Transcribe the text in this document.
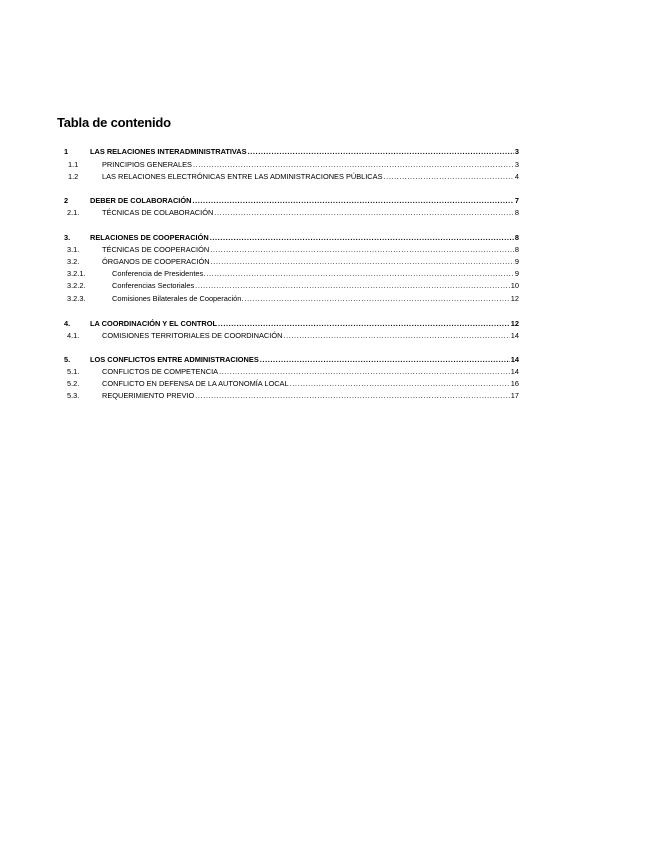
Tabla de contenido
1	LAS RELACIONES INTERADMINISTRATIVAS .....	3
1.1	PRINCIPIOS GENERALES .....	3
1.2	LAS RELACIONES ELECTRÓNICAS ENTRE LAS ADMINISTRACIONES PÚBLICAS .....	4
2	DEBER DE COLABORACIÓN .....	7
2.1.	TÉCNICAS DE COLABORACIÓN .....	8
3.	RELACIONES DE COOPERACIÓN .....	8
3.1.	TÉCNICAS DE COOPERACIÓN .....	8
3.2.	ÓRGANOS DE COOPERACIÓN .....	9
3.2.1.	Conferencia de Presidentes. .....	9
3.2.2.	Conferencias Sectoriales .....	10
3.2.3.	Comisiones Bilaterales de Cooperación. .....	12
4.	LA COORDINACIÓN Y EL CONTROL .....	12
4.1.	COMISIONES TERRITORIALES DE COORDINACIÓN .....	14
5.	LOS CONFLICTOS ENTRE ADMINISTRACIONES .....	14
5.1.	CONFLICTOS DE COMPETENCIA .....	14
5.2.	CONFLICTO EN DEFENSA DE LA AUTONOMÍA LOCAL .....	16
5.3.	REQUERIMIENTO PREVIO .....	17
